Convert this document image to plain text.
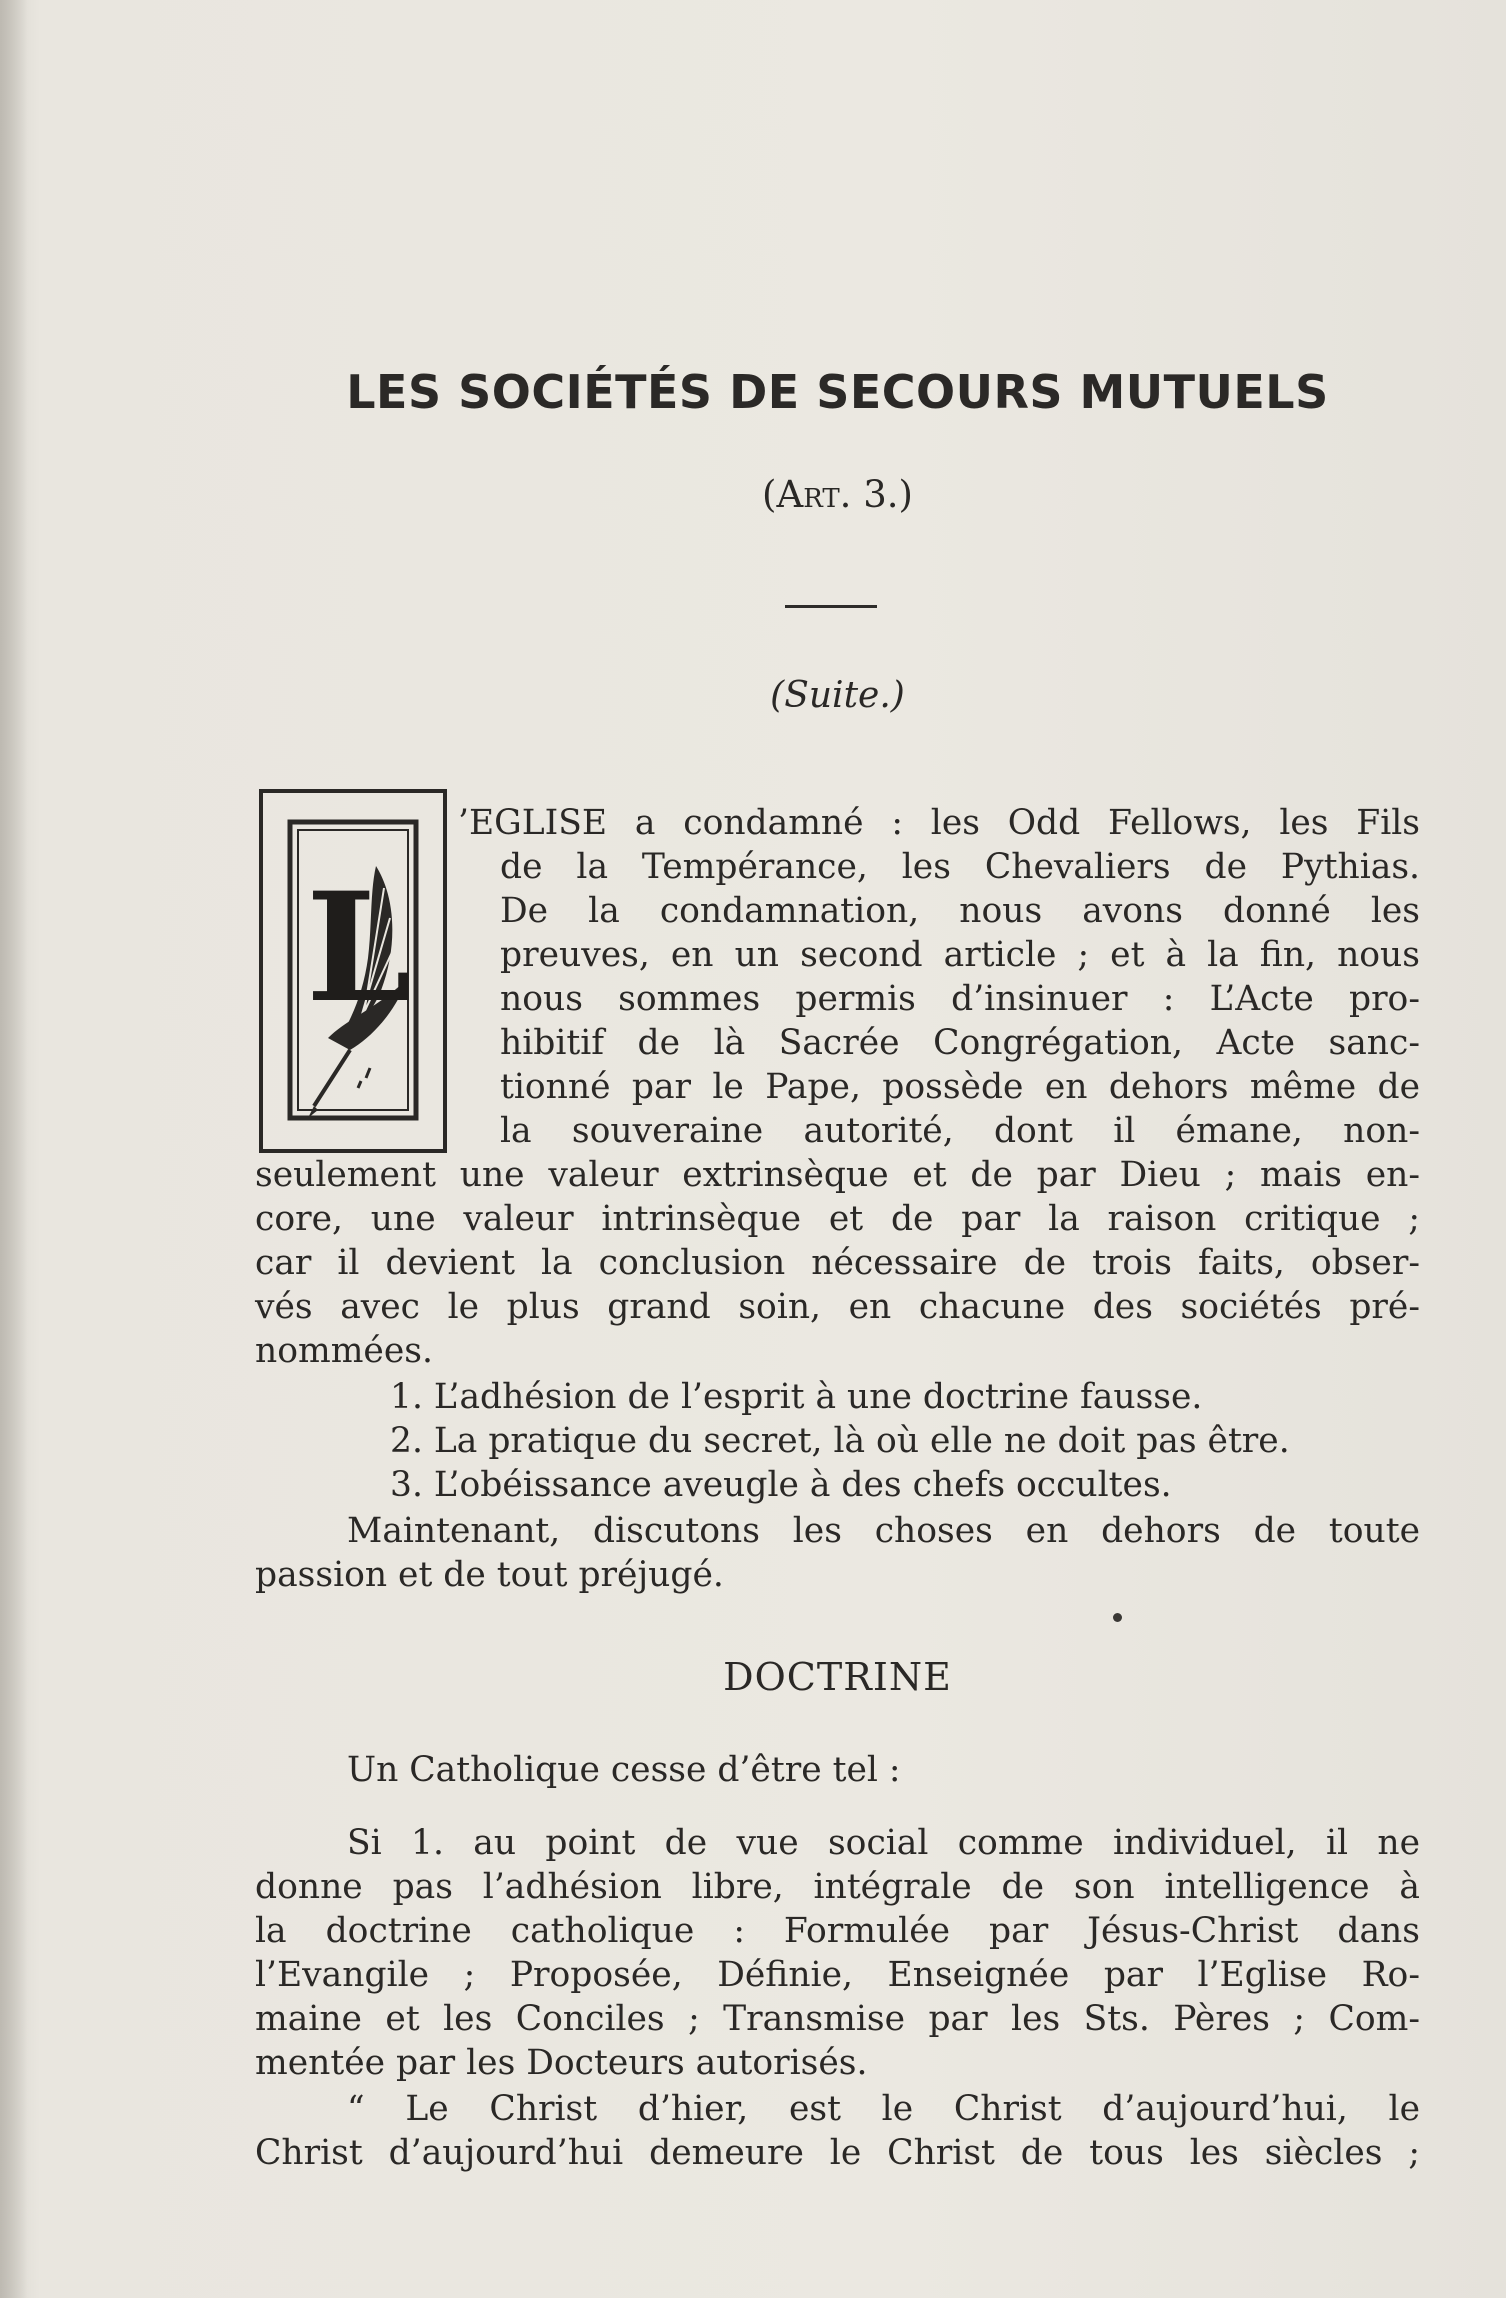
LES SOCIÉTÉS DE SECOURS MUTUELS
(Art. 3.)
(Suite.)
L
’EGLISE a condamné : les Odd Fellows, les Fils
de la Tempérance, les Chevaliers de Pythias.
De la condamnation, nous avons donné les
preuves, en un second article ; et à la fin, nous
nous sommes permis d’insinuer : L’Acte pro-
hibitif de là Sacrée Congrégation, Acte sanc-
tionné par le Pape, possède en dehors même de
la souveraine autorité, dont il émane, non-
seulement une valeur extrinsèque et de par Dieu ; mais en-
core, une valeur intrinsèque et de par la raison critique ;
car il devient la conclusion nécessaire de trois faits, obser-
vés avec le plus grand soin, en chacune des sociétés pré-
nommées.
1. L’adhésion de l’esprit à une doctrine fausse.
2. La pratique du secret, là où elle ne doit pas être.
3. L’obéissance aveugle à des chefs occultes.
Maintenant, discutons les choses en dehors de toute
passion et de tout préjugé.
DOCTRINE
Un Catholique cesse d’être tel :
Si 1. au point de vue social comme individuel, il ne
donne pas l’adhésion libre, intégrale de son intelligence à
la doctrine catholique : Formulée par Jésus-Christ dans
l’Evangile ; Proposée, Définie, Enseignée par l’Eglise Ro-
maine et les Conciles ; Transmise par les Sts. Pères ; Com-
mentée par les Docteurs autorisés.
“ Le Christ d’hier, est le Christ d’aujourd’hui, le
Christ d’aujourd’hui demeure le Christ de tous les siècles ;
